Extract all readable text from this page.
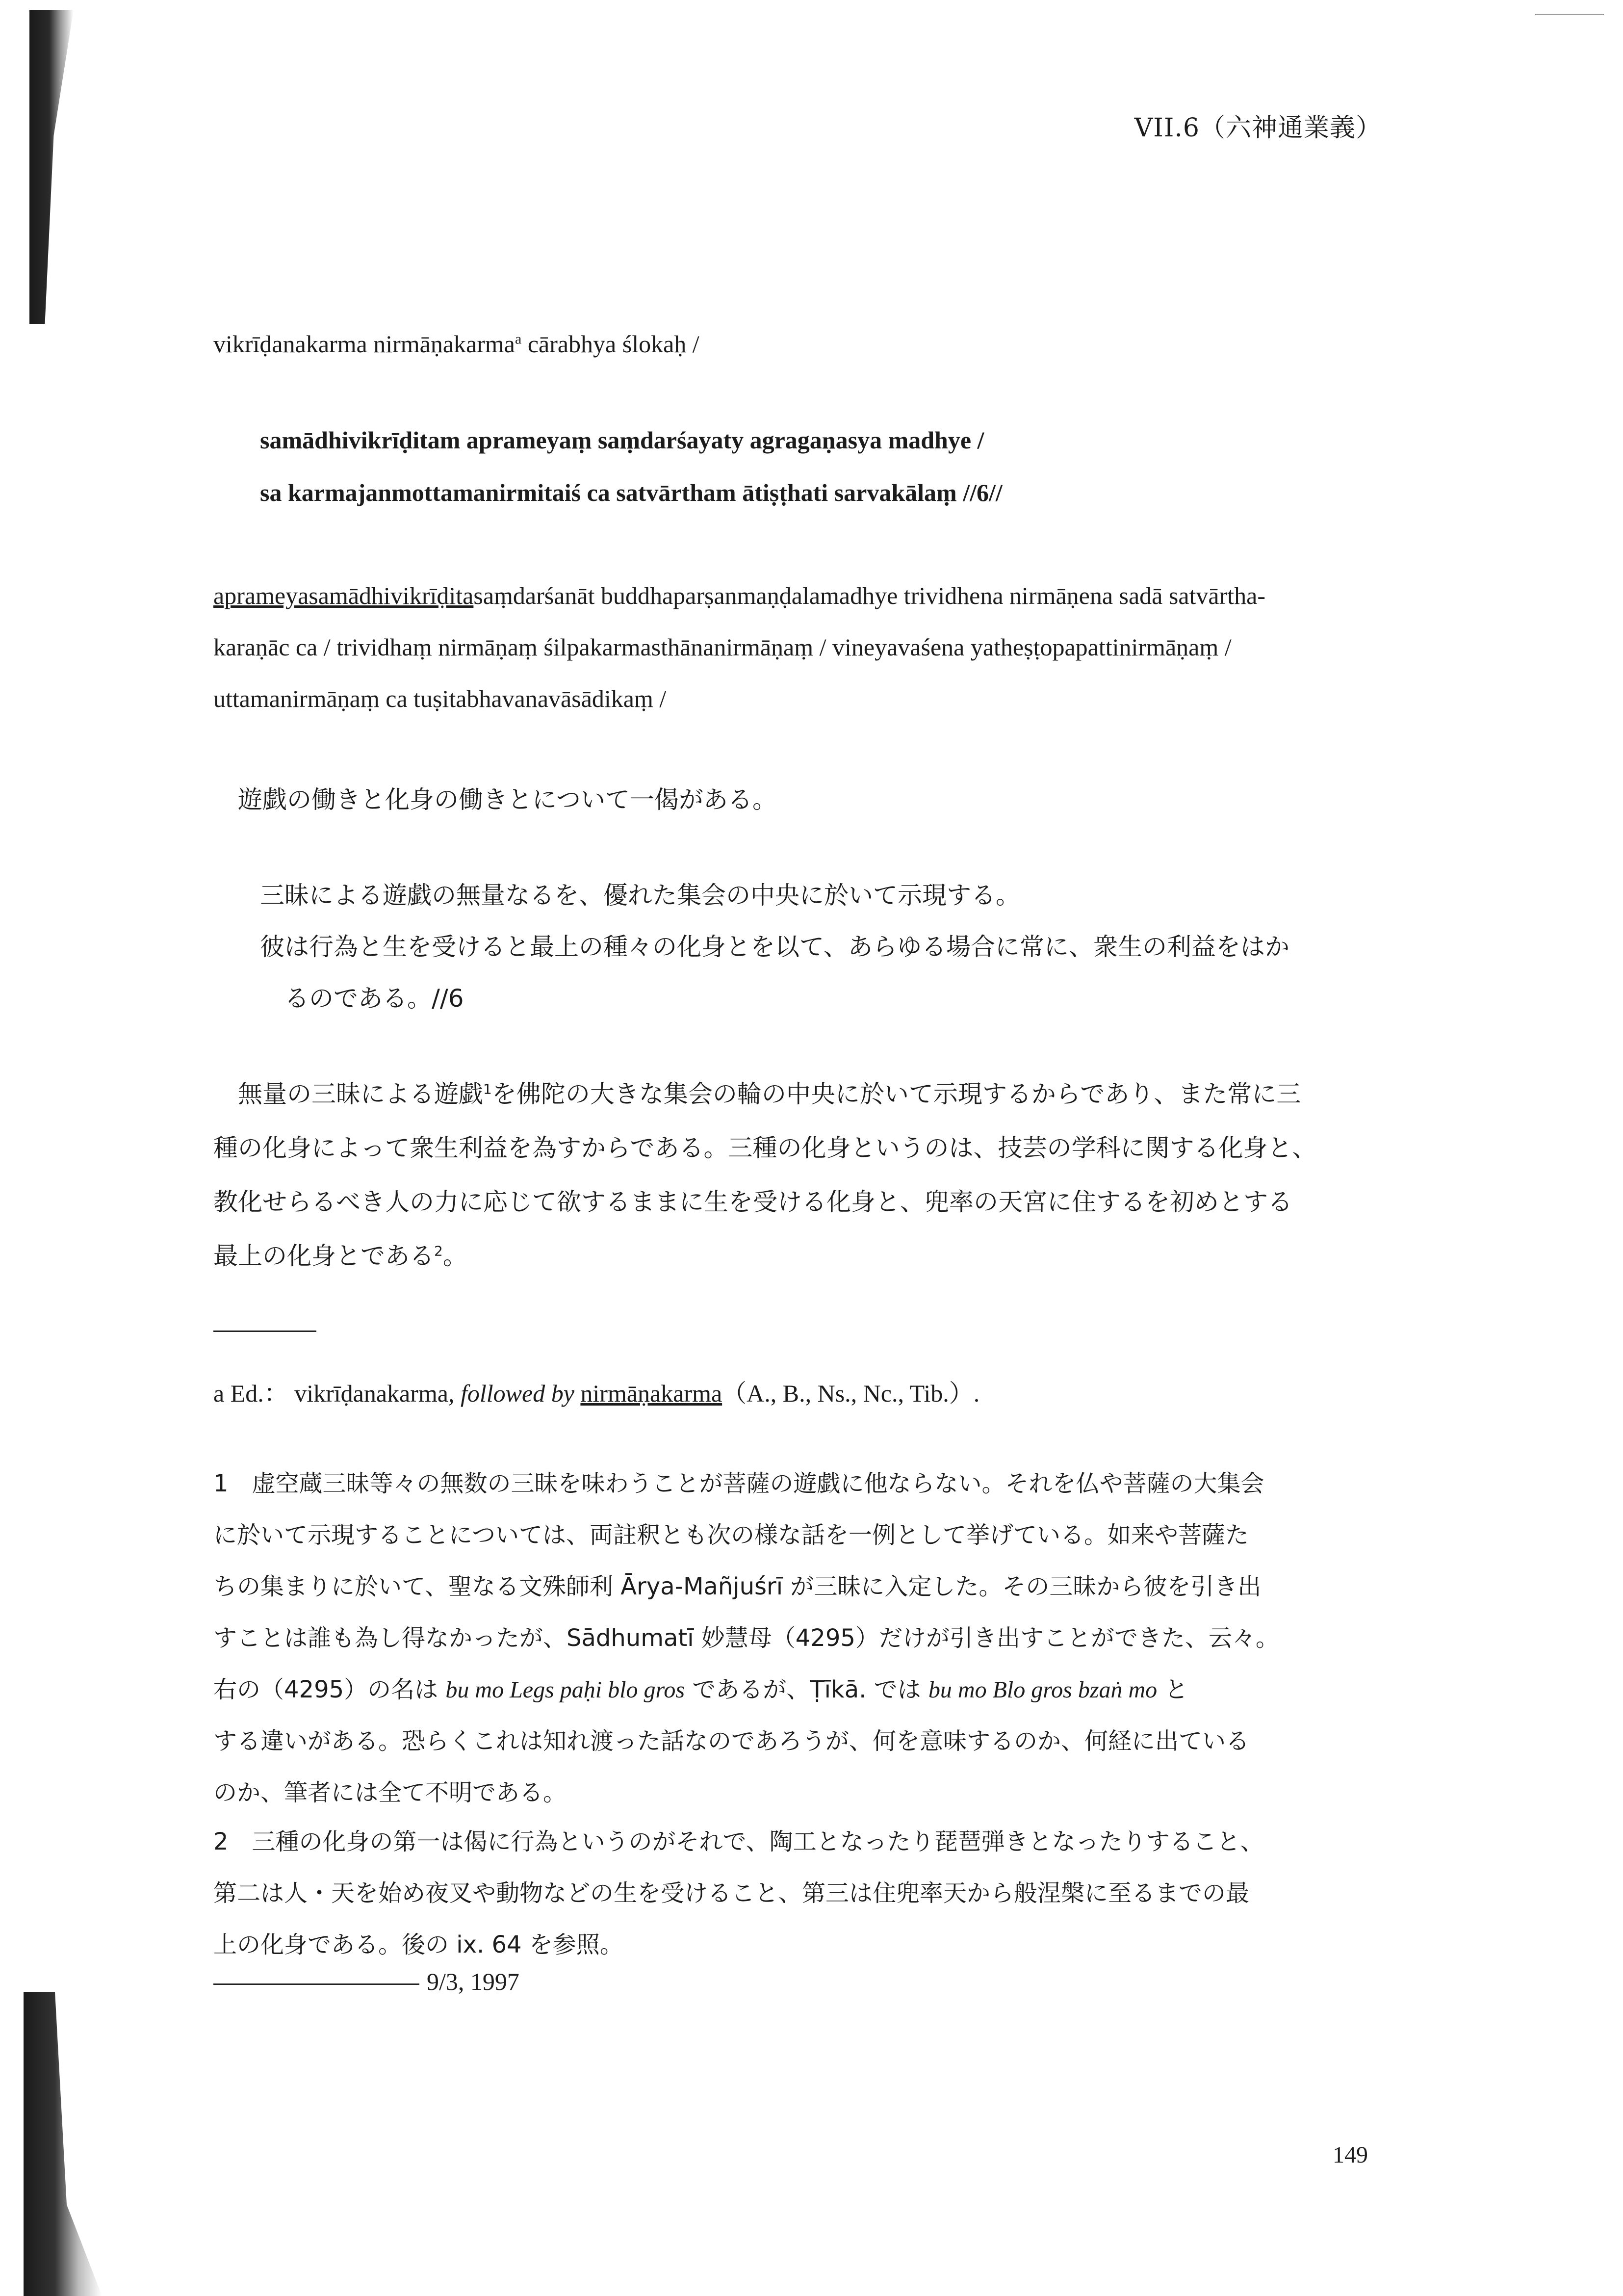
VII.6（六神通業義）
vikrīḍanakarma nirmāṇakarma$^a$ cārabhya ślokaḥ /
samādhivikrīḍitam aprameyaṃ saṃdarśayaty agragaṇasya madhye /
sa karmajanmottamanirmitaiś ca satvārtham ātiṣṭhati sarvakālaṃ //6//
aprameyasamādhivikrīḍitasaṃdarśanāt buddhaparṣanmaṇḍalamadhye trividhena nirmāṇena sadā satvārtha-
karaṇāc ca / trividhaṃ nirmāṇaṃ śilpakarmasthānanirmāṇaṃ / vineyavaśena yatheṣṭopapattinirmāṇaṃ /
uttamanirmāṇaṃ ca tuṣitabhavanavāsādikaṃ /
遊戯の働きと化身の働きとについて一偈がある。
三昧による遊戯の無量なるを、優れた集会の中央に於いて示現する。
彼は行為と生を受けると最上の種々の化身とを以て、あらゆる場合に常に、衆生の利益をはか
るのである。//6
無量の三昧による遊戯$^1$を佛陀の大きな集会の輪の中央に於いて示現するからであり、また常に三
種の化身によって衆生利益を為すからである。三種の化身というのは、技芸の学科に関する化身と、
教化せらるべき人の力に応じて欲するままに生を受ける化身と、兜率の天宮に住するを初めとする
最上の化身とである$^2$。
a Ed.： vikrīḍanakarma, followed by nirmāṇakarma（A., B., Ns., Nc., Tib.）.
1　虚空蔵三昧等々の無数の三昧を味わうことが菩薩の遊戯に他ならない。それを仏や菩薩の大集会
に於いて示現することについては、両註釈とも次の様な話を一例として挙げている。如来や菩薩た
ちの集まりに於いて、聖なる文殊師利 Ārya-Mañjuśrī が三昧に入定した。その三昧から彼を引き出
すことは誰も為し得なかったが、Sādhumatī 妙慧母（4295）だけが引き出すことができた、云々。
右の（4295）の名は bu mo Legs paḥi blo gros であるが、Ṭīkā. では bu mo Blo gros bzaṅ mo と
する違いがある。恐らくこれは知れ渡った話なのであろうが、何を意味するのか、何経に出ている
のか、筆者には全て不明である。
2　三種の化身の第一は偈に行為というのがそれで、陶工となったり琵琶弾きとなったりすること、
第二は人・天を始め夜叉や動物などの生を受けること、第三は住兜率天から般涅槃に至るまでの最
上の化身である。後の ix. 64 を参照。
9/3, 1997
149
